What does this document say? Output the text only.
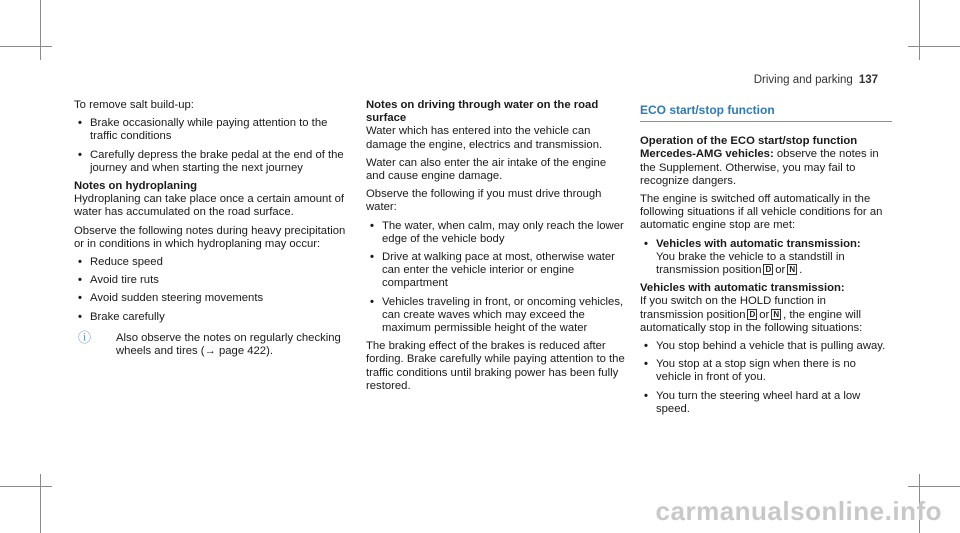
Driving and parking 137

To remove salt build-up:

• Brake occasionally while paying attention to the traffic conditions
• Carefully depress the brake pedal at the end of the journey and when starting the next journey

Notes on hydroplaning

Hydroplaning can take place once a certain amount of water has accumulated on the road surface.

Observe the following notes during heavy precipitation or in conditions in which hydroplaning may occur:

• Reduce speed
• Avoid tire ruts
• Avoid sudden steering movements
• Brake carefully
ⓘ Also observe the notes on regularly checking wheels and tires (→ page 422).

Notes on driving through water on the road surface

Water which has entered into the vehicle can damage the engine, electrics and transmission.

Water can also enter the air intake of the engine and cause engine damage.

Observe the following if you must drive through water:

• The water, when calm, may only reach the lower edge of the vehicle body
• Drive at walking pace at most, otherwise water can enter the vehicle interior or engine compartment
• Vehicles traveling in front, or oncoming vehicles, can create waves which may exceed the maximum permissible height of the water

The braking effect of the brakes is reduced after fording. Brake carefully while paying attention to the traffic conditions until braking power has been fully restored.

ECO start/stop function

Operation of the ECO start/stop function

Mercedes-AMG vehicles: observe the notes in the Supplement. Otherwise, you may fail to recognize dangers.

The engine is switched off automatically in the following situations if all vehicle conditions for an automatic engine stop are met:

• Vehicles with automatic transmission:
You brake the vehicle to a standstill in transmission position D or N .

Vehicles with automatic transmission:

If you switch on the HOLD function in transmission position D or N , the engine will automatically stop in the following situations:

• You stop behind a vehicle that is pulling away.
• You stop at a stop sign when there is no vehicle in front of you.
• You turn the steering wheel hard at a low speed.
carmanualsonline.info
